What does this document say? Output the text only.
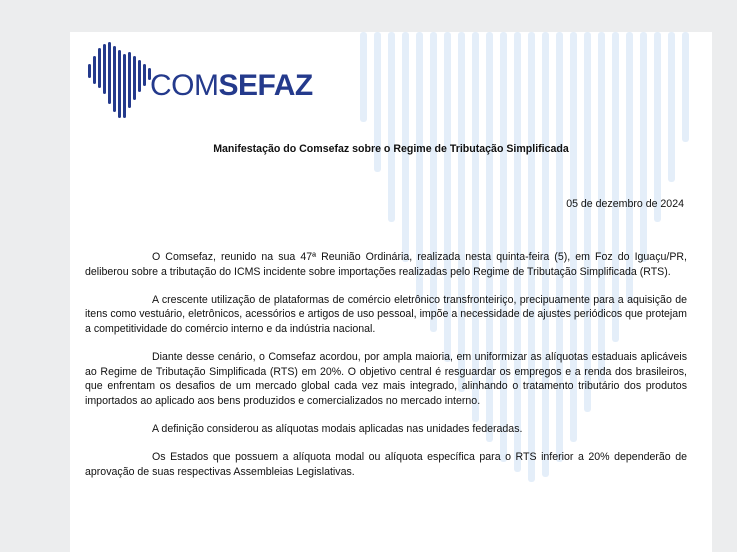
COMSEFAZ
Manifestação do Comsefaz sobre o Regime de Tributação Simplificada
05 de dezembro de 2024

O Comsefaz, reunido na sua 47ª Reunião Ordinária, realizada nesta quinta-feira (5), em Foz do Iguaçu/PR, deliberou sobre a tributação do ICMS incidente sobre importações realizadas pelo Regime de Tributação Simplificada (RTS).

A crescente utilização de plataformas de comércio eletrônico transfronteiriço, precipuamente para a aquisição de itens como vestuário, eletrônicos, acessórios e artigos de uso pessoal, impõe a necessidade de ajustes periódicos que protejam a competitividade do comércio interno e da indústria nacional.

Diante desse cenário, o Comsefaz acordou, por ampla maioria, em uniformizar as alíquotas estaduais aplicáveis ao Regime de Tributação Simplificada (RTS) em 20%. O objetivo central é resguardar os empregos e a renda dos brasileiros, que enfrentam os desafios de um mercado global cada vez mais integrado, alinhando o tratamento tributário dos produtos importados ao aplicado aos bens produzidos e comercializados no mercado interno.

A definição considerou as alíquotas modais aplicadas nas unidades federadas.

Os Estados que possuem a alíquota modal ou alíquota específica para o RTS inferior a 20% dependerão de aprovação de suas respectivas Assembleias Legislativas.
